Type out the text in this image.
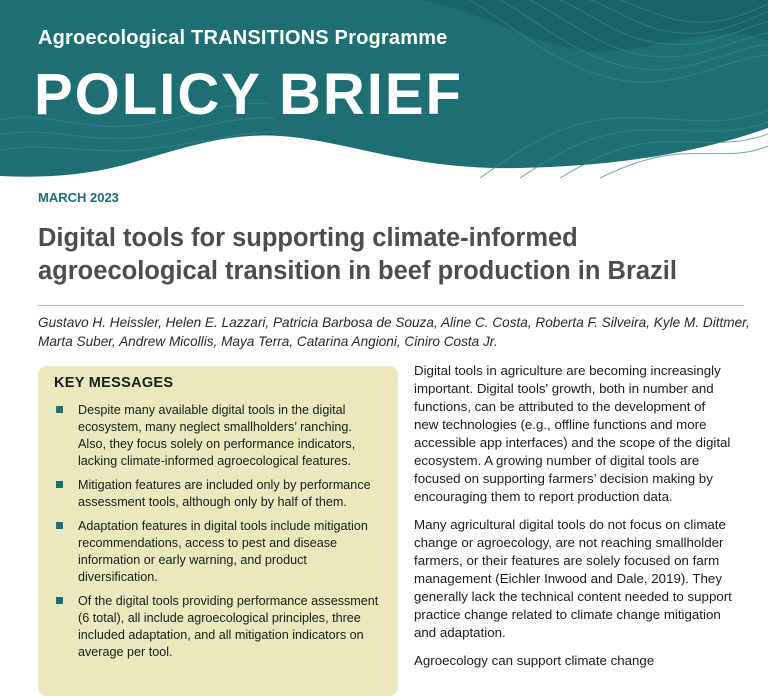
Agroecological TRANSITIONS Programme
POLICY BRIEF
MARCH 2023
Digital tools for supporting climate-informed agroecological transition in beef production in Brazil
Gustavo H. Heissler, Helen E. Lazzari, Patricia Barbosa de Souza, Aline C. Costa, Roberta F. Silveira, Kyle M. Dittmer, Marta Suber, Andrew Micollis, Maya Terra, Catarina Angioni, Ciniro Costa Jr.
KEY MESSAGES
Despite many available digital tools in the digital ecosystem, many neglect smallholders’ ranching. Also, they focus solely on performance indicators, lacking climate-informed agroecological features.
Mitigation features are included only by performance assessment tools, although only by half of them.
Adaptation features in digital tools include mitigation recommendations, access to pest and disease information or early warning, and product diversification.
Of the digital tools providing performance assessment (6 total), all include agroecological principles, three included adaptation, and all mitigation indicators on average per tool.

Digital tools in agriculture are becoming increasingly important. Digital tools' growth, both in number and functions, can be attributed to the development of new technologies (e.g., offline functions and more accessible app interfaces) and the scope of the digital ecosystem. A growing number of digital tools are focused on supporting farmers’ decision making by encouraging them to report production data.

Many agricultural digital tools do not focus on climate change or agroecology, are not reaching smallholder farmers, or their features are solely focused on farm management (Eichler Inwood and Dale, 2019). They generally lack the technical content needed to support practice change related to climate change mitigation and adaptation.

Agroecology can support climate change
